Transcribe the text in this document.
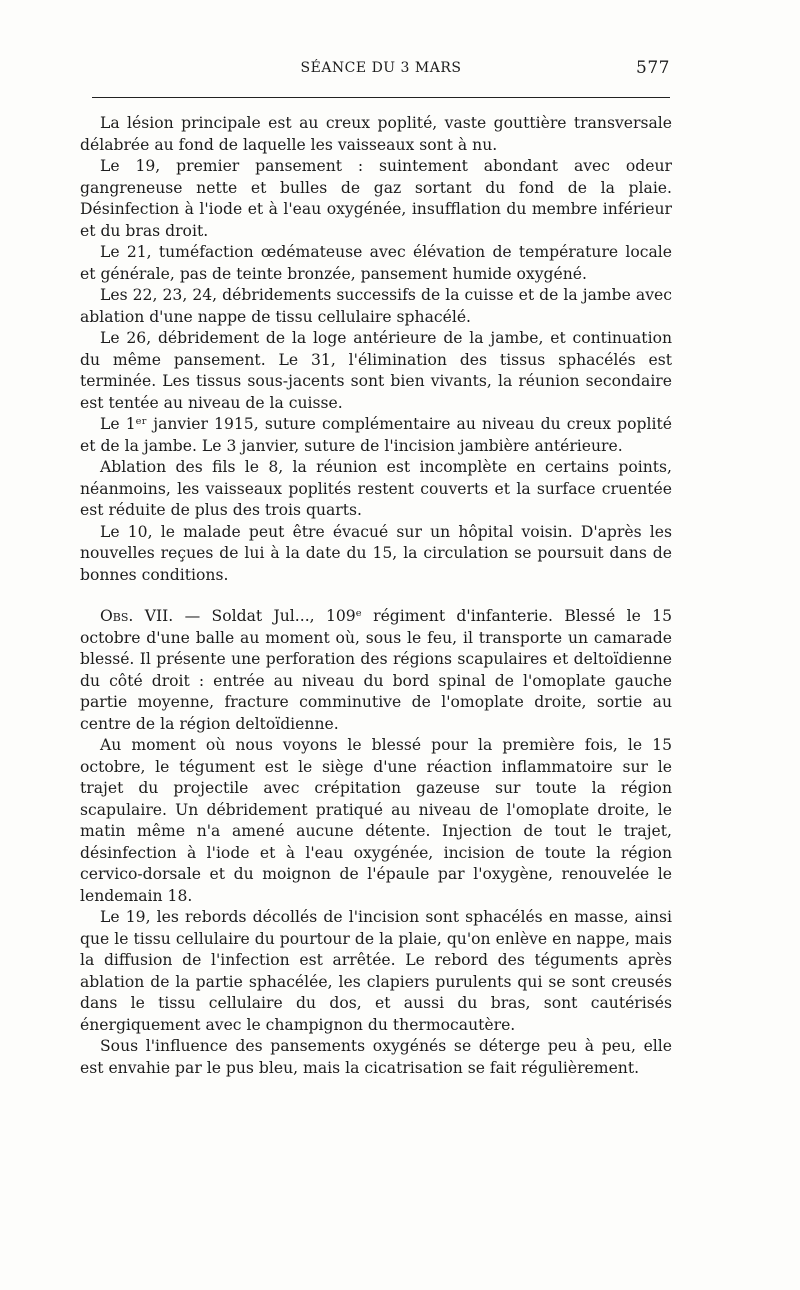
SÉANCE DU 3 MARS	577

La lésion principale est au creux poplité, vaste gouttière transversale délabrée au fond de laquelle les vaisseaux sont à nu.

Le 19, premier pansement : suintement abondant avec odeur gangreneuse nette et bulles de gaz sortant du fond de la plaie. Désinfection à l'iode et à l'eau oxygénée, insufflation du membre inférieur et du bras droit.

Le 21, tuméfaction œdémateuse avec élévation de température locale et générale, pas de teinte bronzée, pansement humide oxygéné.

Les 22, 23, 24, débridements successifs de la cuisse et de la jambe avec ablation d'une nappe de tissu cellulaire sphacélé.

Le 26, débridement de la loge antérieure de la jambe, et continuation du même pansement. Le 31, l'élimination des tissus sphacélés est terminée. Les tissus sous-jacents sont bien vivants, la réunion secondaire est tentée au niveau de la cuisse.

Le 1ᵉʳ janvier 1915, suture complémentaire au niveau du creux poplité et de la jambe. Le 3 janvier, suture de l'incision jambière antérieure.

Ablation des fils le 8, la réunion est incomplète en certains points, néanmoins, les vaisseaux poplités restent couverts et la surface cruentée est réduite de plus des trois quarts.

Le 10, le malade peut être évacué sur un hôpital voisin. D'après les nouvelles reçues de lui à la date du 15, la circulation se poursuit dans de bonnes conditions.

Obs. VII. — Soldat Jul..., 109ᵉ régiment d'infanterie. Blessé le 15 octobre d'une balle au moment où, sous le feu, il transporte un camarade blessé. Il présente une perforation des régions scapulaires et deltoïdienne du côté droit : entrée au niveau du bord spinal de l'omoplate gauche partie moyenne, fracture comminutive de l'omoplate droite, sortie au centre de la région deltoïdienne.

Au moment où nous voyons le blessé pour la première fois, le 15 octobre, le tégument est le siège d'une réaction inflammatoire sur le trajet du projectile avec crépitation gazeuse sur toute la région scapulaire. Un débridement pratiqué au niveau de l'omoplate droite, le matin même n'a amené aucune détente. Injection de tout le trajet, désinfection à l'iode et à l'eau oxygénée, incision de toute la région cervico-dorsale et du moignon de l'épaule par l'oxygène, renouvelée le lendemain 18.

Le 19, les rebords décollés de l'incision sont sphacélés en masse, ainsi que le tissu cellulaire du pourtour de la plaie, qu'on enlève en nappe, mais la diffusion de l'infection est arrêtée. Le rebord des téguments après ablation de la partie sphacélée, les clapiers purulents qui se sont creusés dans le tissu cellulaire du dos, et aussi du bras, sont cautérisés énergiquement avec le champignon du thermocautère.

Sous l'influence des pansements oxygénés se déterge peu à peu, elle est envahie par le pus bleu, mais la cicatrisation se fait régulièrement.
